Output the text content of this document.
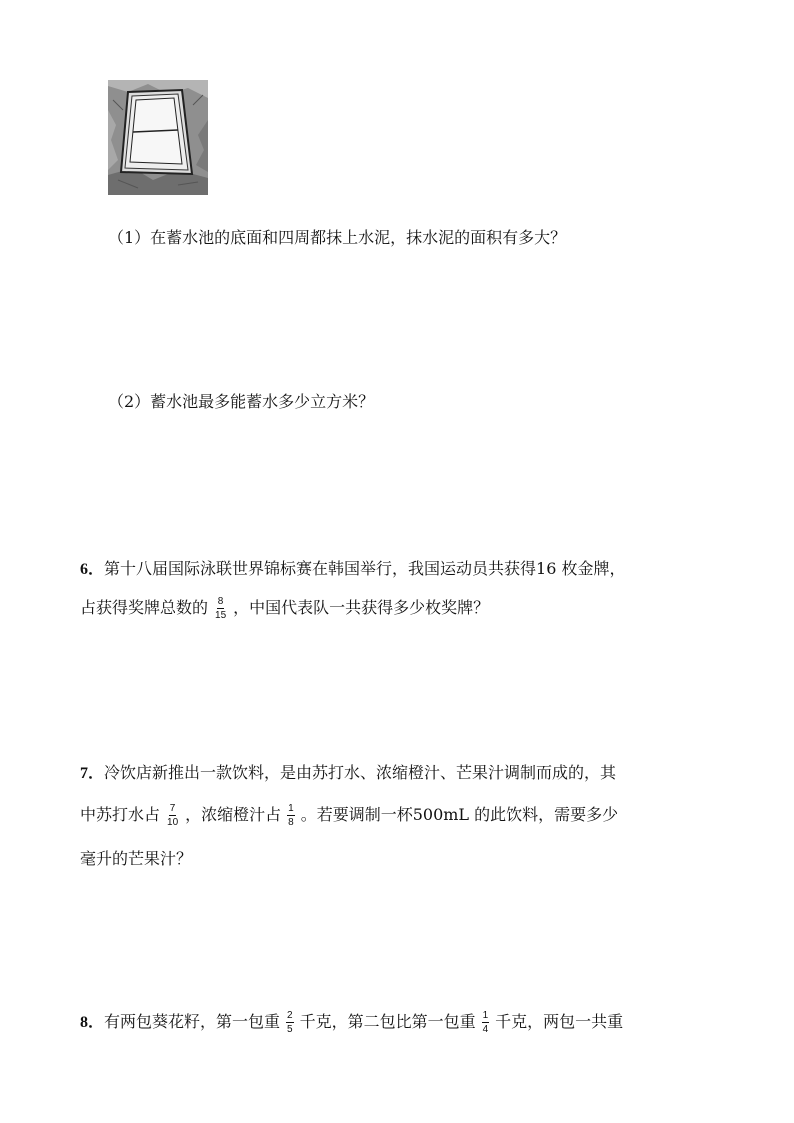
（1）在蓄水池的底面和四周都抹上水泥，抹水泥的面积有多大？
（2）蓄水池最多能蓄水多少立方米？
6．第十八届国际泳联世界锦标赛在韩国举行，我国运动员共获得16 枚金牌，
占获得奖牌总数的 $\frac{8}{15}$ ，中国代表队一共获得多少枚奖牌？
7．冷饮店新推出一款饮料，是由苏打水、浓缩橙汁、芒果汁调制而成的，其
中苏打水占 $\frac{7}{10}$ ，浓缩橙汁占 $\frac{1}{8}$ 。若要调制一杯500mL 的此饮料，需要多少
毫升的芒果汁？
8．有两包葵花籽，第一包重 $\frac{2}{5}$ 千克，第二包比第一包重 $\frac{1}{4}$ 千克，两包一共重
